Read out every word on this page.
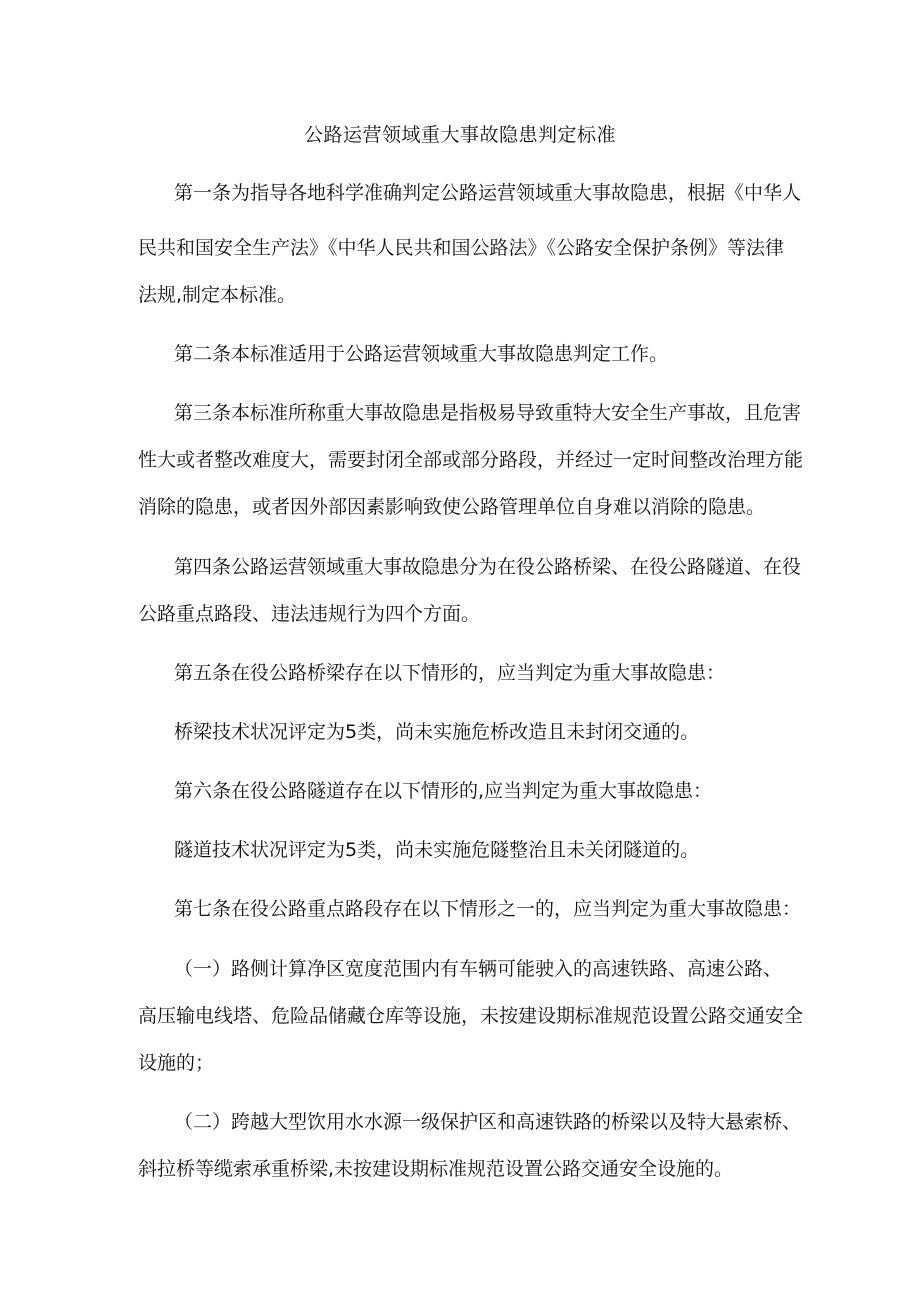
公路运营领域重大事故隐患判定标准

第一条为指导各地科学准确判定公路运营领域重大事故隐患，根据《中华人

民共和国安全生产法》《中华人民共和国公路法》《公路安全保护条例》等法律

法规,制定本标准。

第二条本标准适用于公路运营领域重大事故隐患判定工作。

第三条本标准所称重大事故隐患是指极易导致重特大安全生产事故，且危害

性大或者整改难度大，需要封闭全部或部分路段，并经过一定时间整改治理方能

消除的隐患，或者因外部因素影响致使公路管理单位自身难以消除的隐患。

第四条公路运营领域重大事故隐患分为在役公路桥梁、在役公路隧道、在役

公路重点路段、违法违规行为四个方面。

第五条在役公路桥梁存在以下情形的，应当判定为重大事故隐患：

桥梁技术状况评定为5类，尚未实施危桥改造且未封闭交通的。

第六条在役公路隧道存在以下情形的,应当判定为重大事故隐患：

隧道技术状况评定为5类，尚未实施危隧整治且未关闭隧道的。

第七条在役公路重点路段存在以下情形之一的，应当判定为重大事故隐患：

（一）路侧计算净区宽度范围内有车辆可能驶入的高速铁路、高速公路、

高压输电线塔、危险品储藏仓库等设施，未按建设期标准规范设置公路交通安全

设施的；

（二）跨越大型饮用水水源一级保护区和高速铁路的桥梁以及特大悬索桥、

斜拉桥等缆索承重桥梁,未按建设期标准规范设置公路交通安全设施的。
